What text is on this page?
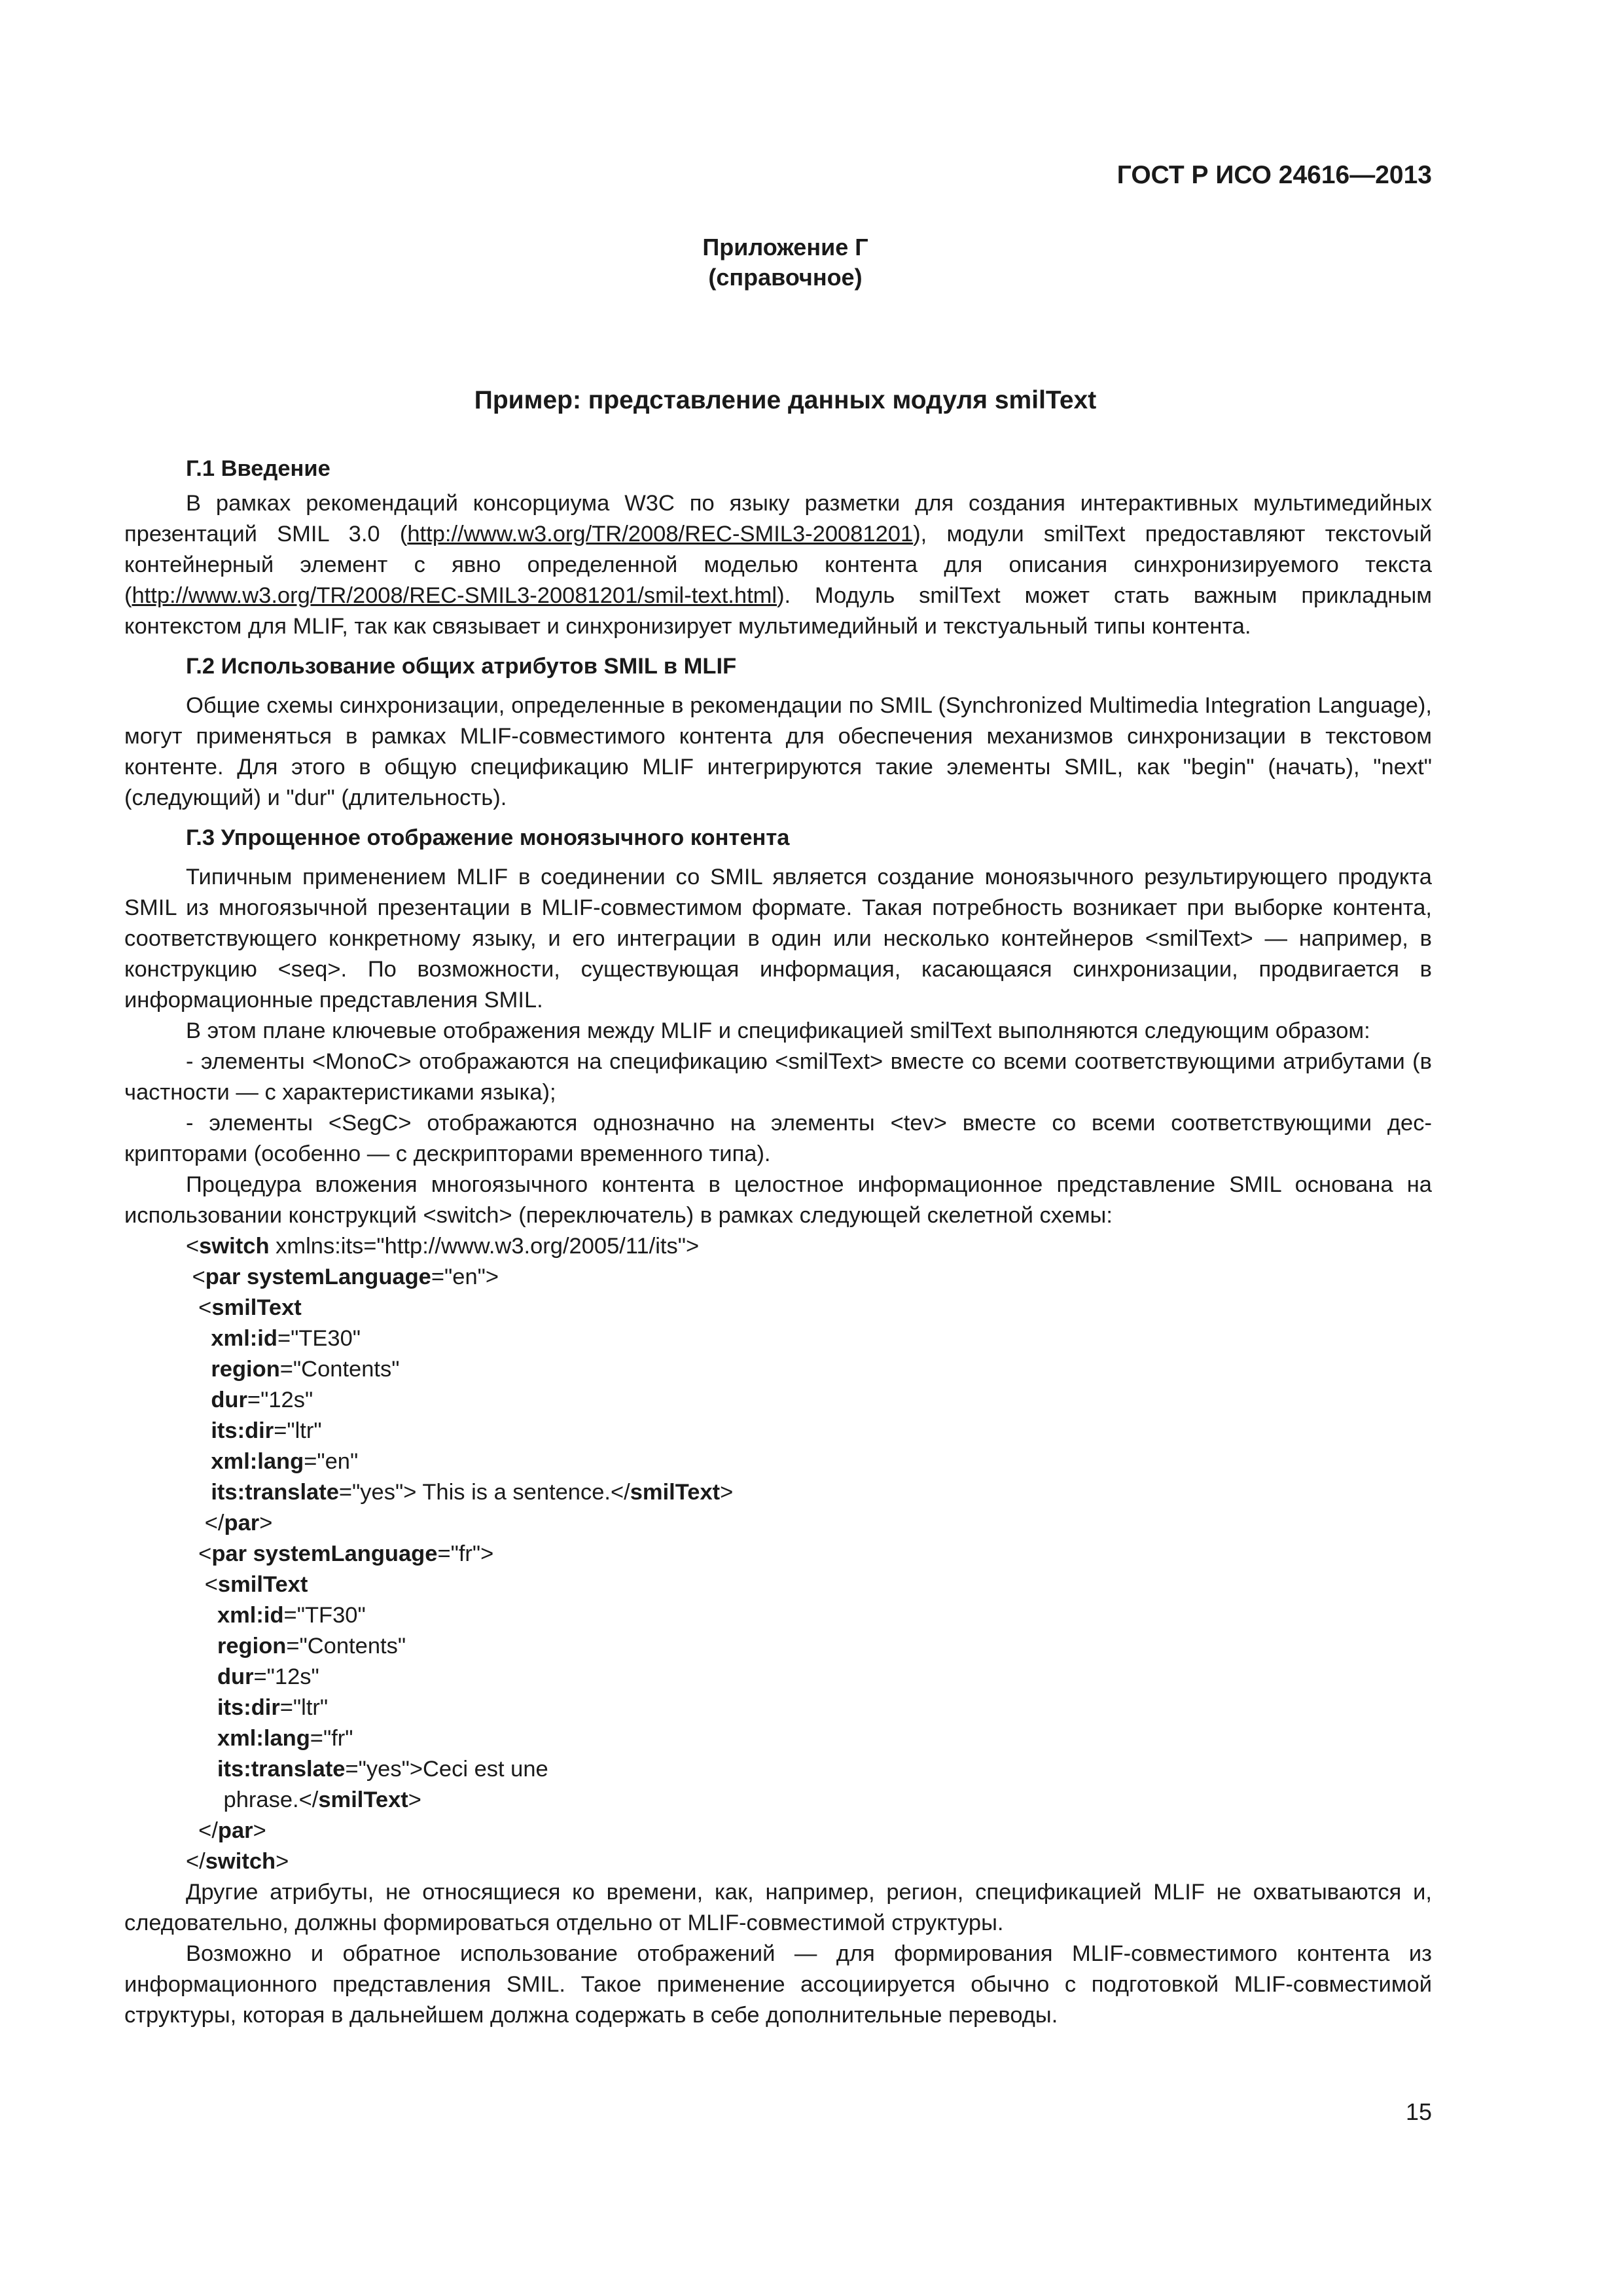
ГОСТ Р ИСО 24616—2013
Приложение Г
(справочное)
Пример: представление данных модуля smilText
Г.1 Введение

В рамках рекомендаций консорциума W3C по языку разметки для создания интерактивных мультимедийных презентаций SMIL 3.0 (http://www.w3.org/TR/2008/REC-SMIL3-20081201), модули smilText предоставляют текстоvый контейнерный элемент с явно определенной моделью контента для описания синхронизируемого текста (http://www.w3.org/TR/2008/REC-SMIL3-20081201/smil-text.html). Модуль smilText может стать важным прикладным контекстом для MLIF, так как связывает и синхронизирует мультимедийный и текстуальный типы контента.

Г.2 Использование общих атрибутов SMIL в MLIF

Общие схемы синхронизации, определенные в рекомендации по SMIL (Synchronized Multimedia Integration Language), могут применяться в рамках MLIF-совместимого контента для обеспечения механизмов синхронизации в текстовом контенте. Для этого в общую спецификацию MLIF интегрируются такие элементы SMIL, как "begin" (начать), "next" (следующий) и "dur" (длительность).

Г.3 Упрощенное отображение моноязычного контента

Типичным применением MLIF в соединении со SMIL является создание моноязычного результирующего продукта SMIL из многоязычной презентации в MLIF-совместимом формате. Такая потребность возникает при выборке контента, соответствующего конкретному языку, и его интеграции в один или несколько контейнеров <smilText> — например, в конструкцию <seq>. По возможности, существующая информация, касающаяся синхронизации, продвигается в информационные представления SMIL.

В этом плане ключевые отображения между MLIF и спецификацией smilText выполняются следующим образом:

- элементы <MonoC> отображаются на спецификацию <smilText> вместе со всеми соответствующими атрибутами (в частности — с характеристиками языка);

- элементы <SegC> отображаются однозначно на элементы <tev> вместе со всеми соответствующими дескрипторами (особенно — с дескрипторами временного типа).

Процедура вложения многоязычного контента в целостное информационное представление SMIL основана на использовании конструкций <switch> (переключатель) в рамках следующей скелетной схемы:

<switch xmlns:its="http://www.w3.org/2005/11/its">
<par systemLanguage="en">
<smilText
xml:id="TE30"
region="Contents"
dur="12s"
its:dir="ltr"
xml:lang="en"
its:translate="yes"> This is a sentence.</smilText>
</par>
<par systemLanguage="fr">
<smilText
xml:id="TF30"
region="Contents"
dur="12s"
its:dir="ltr"
xml:lang="fr"
its:translate="yes">Ceci est une
phrase.</smilText>
</par>
</switch>

Другие атрибуты, не относящиеся ко времени, как, например, регион, спецификацией MLIF не охватываются и, следовательно, должны формироваться отдельно от MLIF-совместимой структуры.

Возможно и обратное использование отображений — для формирования MLIF-совместимого контента из информационного представления SMIL. Такое применение ассоциируется обычно с подготовкой MLIF-совместимой структуры, которая в дальнейшем должна содержать в себе дополнительные переводы.

15
